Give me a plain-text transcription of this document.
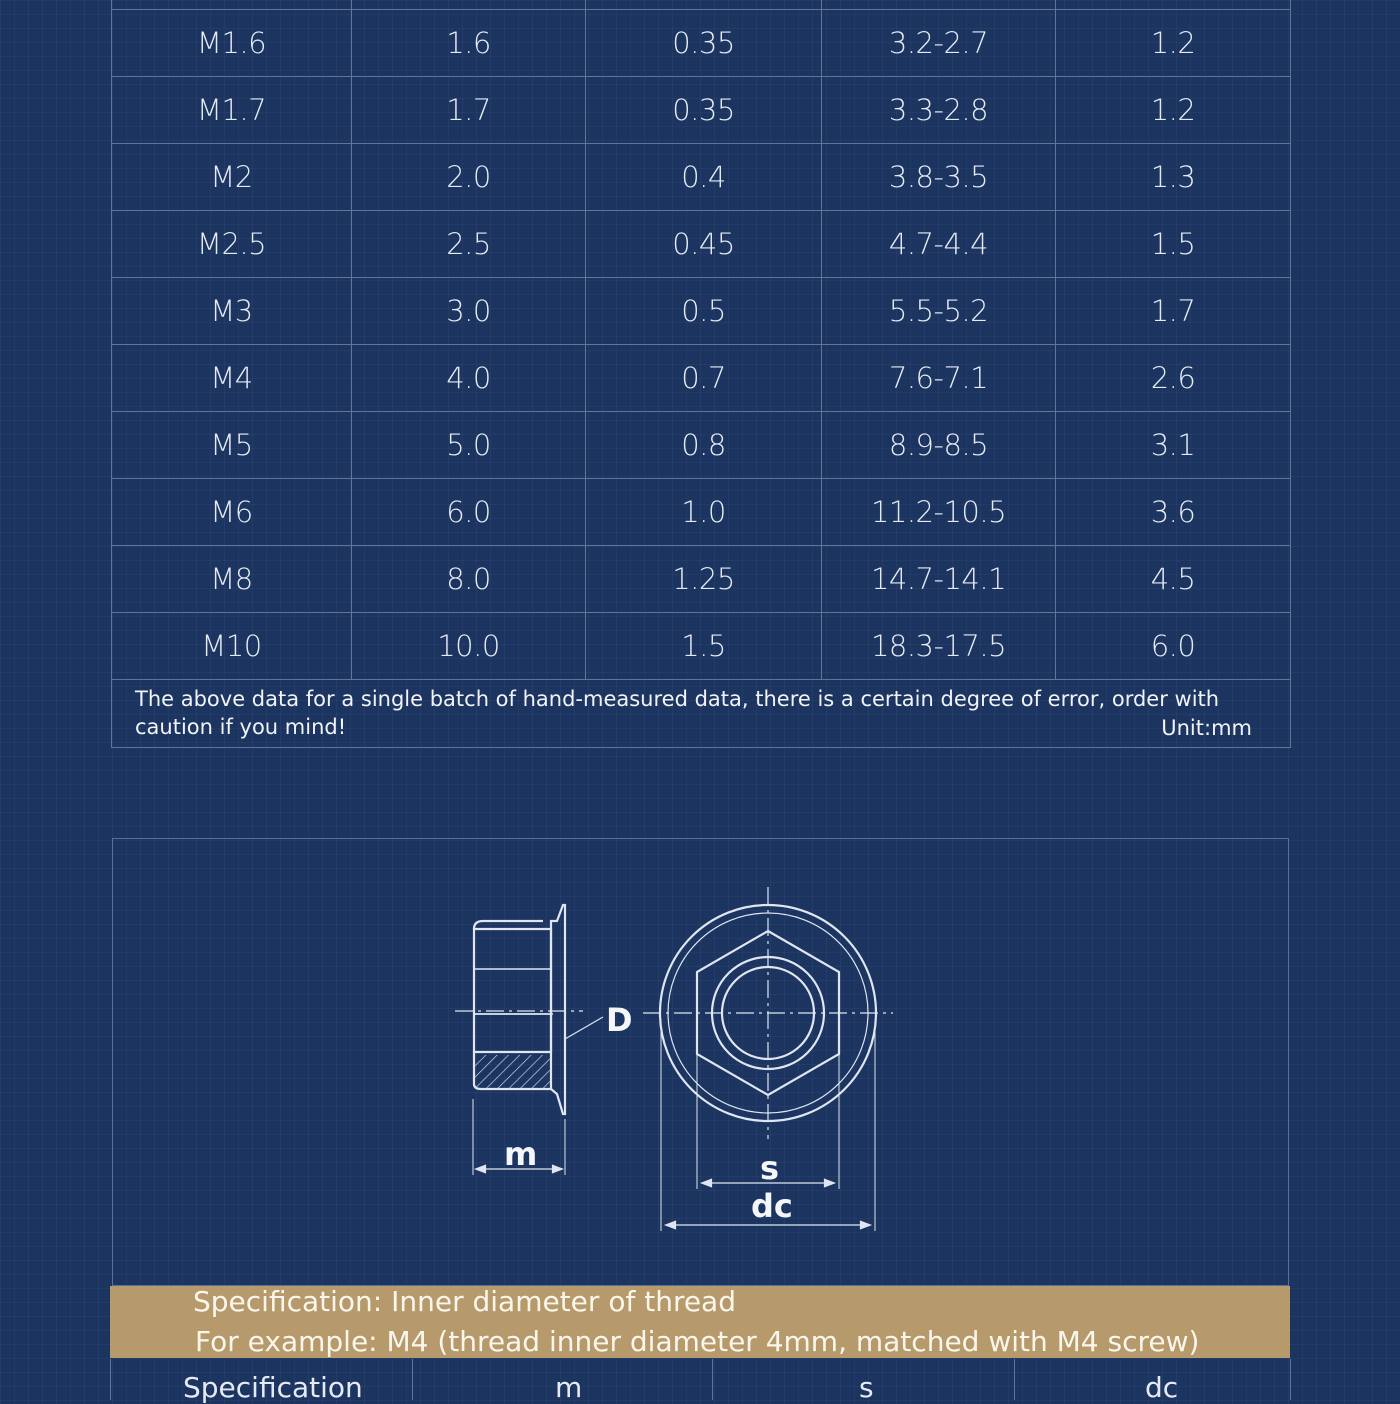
M1.6	1.6	0.35	3.2-2.7	1.2
M1.7	1.7	0.35	3.3-2.8	1.2
M2	2.0	0.4	3.8-3.5	1.3
M2.5	2.5	0.45	4.7-4.4	1.5
M3	3.0	0.5	5.5-5.2	1.7
M4	4.0	0.7	7.6-7.1	2.6
M5	5.0	0.8	8.9-8.5	3.1
M6	6.0	1.0	11.2-10.5	3.6
M8	8.0	1.25	14.7-14.1	4.5
M10	10.0	1.5	18.3-17.5	6.0
The above data for a single batch of hand-measured data, there is a certain degree of error, order with caution if you mind!	Unit:mm
D
m	s
dc
Specification: Inner diameter of thread
For example: M4 (thread inner diameter 4mm, matched with M4 screw)
Specification	m	s	dc
